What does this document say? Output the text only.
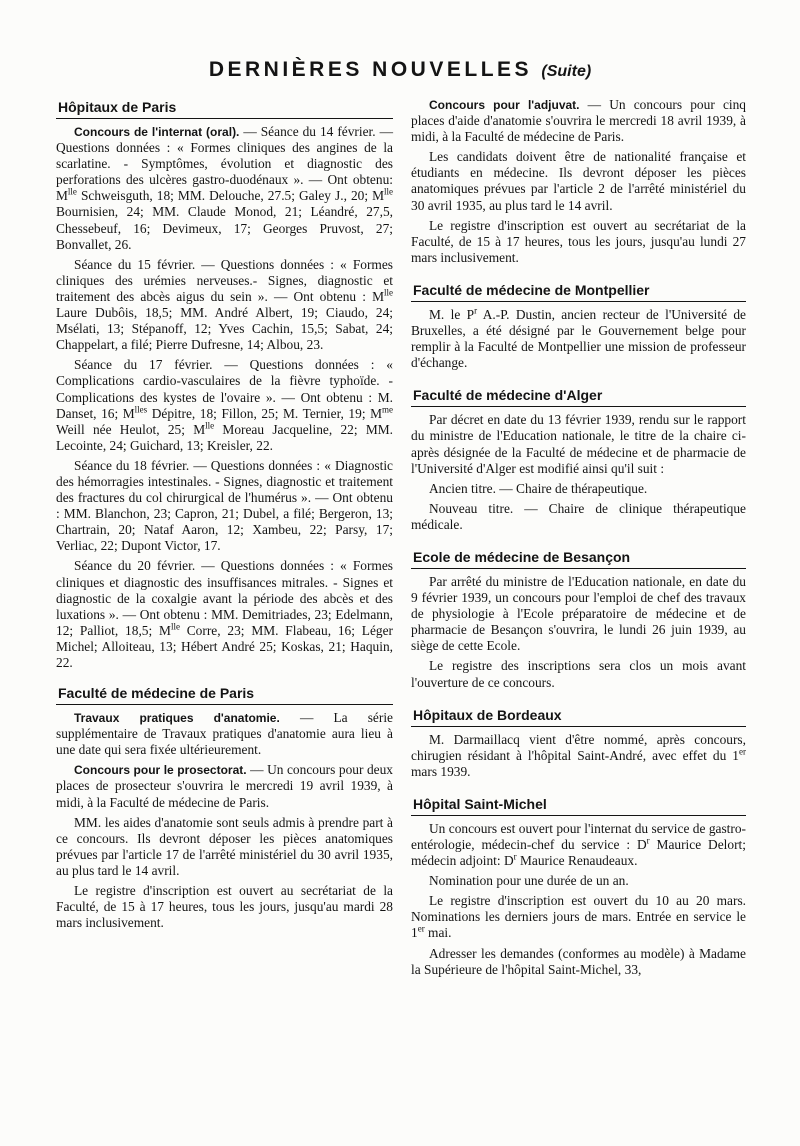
DERNIÈRES NOUVELLES (Suite)
Hôpitaux de Paris

Concours de l'internat (oral). — Séance du 14 février. — Questions données : « Formes cliniques des angines de la scarlatine. - Symptômes, évolution et diagnostic des perforations des ulcères gastro-duodénaux ». — Ont obtenu: $M^{lle}$ Schweisguth, 18; MM. Delouche, 27.5; Galey J., 20; $M^{lle}$ Bournisien, 24; MM. Claude Monod, 21; Léandré, 27,5, Chessebeuf, 16; Devimeux, 17; Georges Pruvost, 27; Bonvallet, 26.

Séance du 15 février. — Questions données : « Formes cliniques des urémies nerveuses.- Signes, diagnostic et traitement des abcès aigus du sein ». — Ont obtenu : $M^{lle}$ Laure Dubôis, 18,5; MM. André Albert, 19; Ciaudo, 24; Msélati, 13; Stépanoff, 12; Yves Cachin, 15,5; Sabat, 24; Chappelart, a filé; Pierre Dufresne, 14; Albou, 23.

Séance du 17 février. — Questions données : « Complications cardio-vasculaires de la fièvre typhoïde. - Complications des kystes de l'ovaire ». — Ont obtenu : M. Danset, 16; $M^{lles}$ Dépitre, 18; Fillon, 25; M. Ternier, 19; $M^{me}$ Weill née Heulot, 25; $M^{lle}$ Moreau Jacqueline, 22; MM. Lecointe, 24; Guichard, 13; Kreisler, 22.

Séance du 18 février. — Questions données : « Diagnostic des hémorragies intestinales. - Signes, diagnostic et traitement des fractures du col chirurgical de l'humérus ». — Ont obtenu : MM. Blanchon, 23; Capron, 21; Dubel, a filé; Bergeron, 13; Chartrain, 20; Nataf Aaron, 12; Xambeu, 22; Parsy, 17; Verliac, 22; Dupont Victor, 17.

Séance du 20 février. — Questions données : « Formes cliniques et diagnostic des insuffisances mitrales. - Signes et diagnostic de la coxalgie avant la période des abcès et des luxations ». — Ont obtenu : MM. Demitriades, 23; Edelmann, 12; Palliot, 18,5; $M^{lle}$ Corre, 23; MM. Flabeau, 16; Léger Michel; Alloiteau, 13; Hébert André 25; Koskas, 21; Haquin, 22.

Faculté de médecine de Paris

Travaux pratiques d'anatomie. — La série supplémentaire de Travaux pratiques d'anatomie aura lieu à une date qui sera fixée ultérieurement.

Concours pour le prosectorat. — Un concours pour deux places de prosecteur s'ouvrira le mercredi 19 avril 1939, à midi, à la Faculté de médecine de Paris.

MM. les aides d'anatomie sont seuls admis à prendre part à ce concours. Ils devront déposer les pièces anatomiques prévues par l'article 17 de l'arrêté ministériel du 30 avril 1935, au plus tard le 14 avril.

Le registre d'inscription est ouvert au secrétariat de la Faculté, de 15 à 17 heures, tous les jours, jusqu'au mardi 28 mars inclusivement.

Concours pour l'adjuvat. — Un concours pour cinq places d'aide d'anatomie s'ouvrira le mercredi 18 avril 1939, à midi, à la Faculté de médecine de Paris.

Les candidats doivent être de nationalité française et étudiants en médecine. Ils devront déposer les pièces anatomiques prévues par l'article 2 de l'arrêté ministériel du 30 avril 1935, au plus tard le 14 avril.

Le registre d'inscription est ouvert au secrétariat de la Faculté, de 15 à 17 heures, tous les jours, jusqu'au lundi 27 mars inclusivement.

Faculté de médecine de Montpellier

M. le $P^r$ A.-P. Dustin, ancien recteur de l'Université de Bruxelles, a été désigné par le Gouvernement belge pour remplir à la Faculté de Montpellier une mission de professeur d'échange.

Faculté de médecine d'Alger

Par décret en date du 13 février 1939, rendu sur le rapport du ministre de l'Education nationale, le titre de la chaire ci-après désignée de la Faculté de médecine et de pharmacie de l'Université d'Alger est modifié ainsi qu'il suit :

Ancien titre. — Chaire de thérapeutique.

Nouveau titre. — Chaire de clinique thérapeutique médicale.

Ecole de médecine de Besançon

Par arrêté du ministre de l'Education nationale, en date du 9 février 1939, un concours pour l'emploi de chef des travaux de physiologie à l'Ecole préparatoire de médecine et de pharmacie de Besançon s'ouvrira, le lundi 26 juin 1939, au siège de cette Ecole.

Le registre des inscriptions sera clos un mois avant l'ouverture de ce concours.

Hôpitaux de Bordeaux

M. Darmaillacq vient d'être nommé, après concours, chirugien résidant à l'hôpital Saint-André, avec effet du 1er mars 1939.

Hôpital Saint-Michel

Un concours est ouvert pour l'internat du service de gastro-entérologie, médecin-chef du service : $D^r$ Maurice Delort; médecin adjoint: $D^r$ Maurice Renaudeaux.

Nomination pour une durée de un an.

Le registre d'inscription est ouvert du 10 au 20 mars. Nominations les derniers jours de mars. Entrée en service le 1er mai.

Adresser les demandes (conformes au modèle) à Madame la Supérieure de l'hôpital Saint-Michel, 33,
